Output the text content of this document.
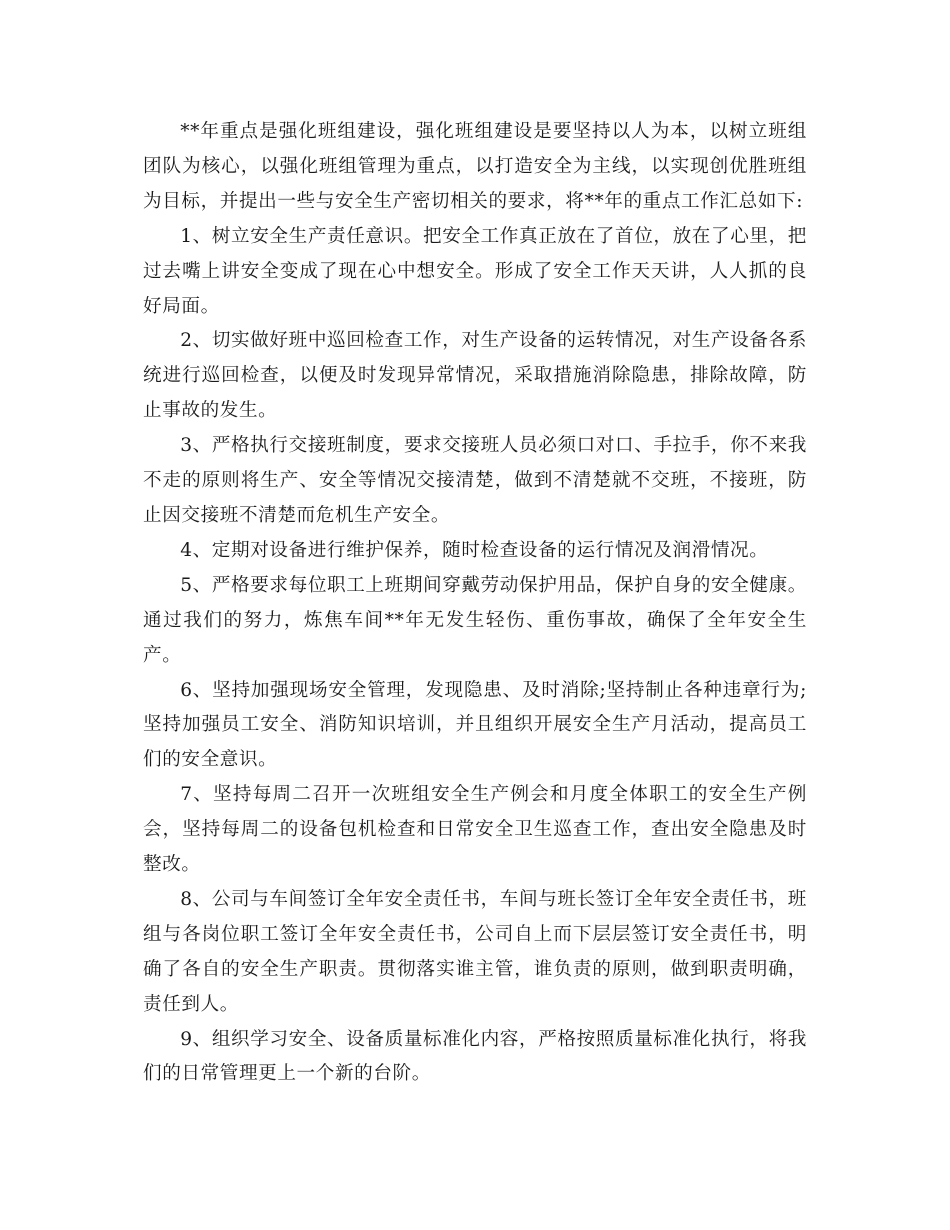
**年重点是强化班组建设，强化班组建设是要坚持以人为本，以树立班组团队为核心，以强化班组管理为重点，以打造安全为主线，以实现创优胜班组为目标，并提出一些与安全生产密切相关的要求，将**年的重点工作汇总如下:

1、树立安全生产责任意识。把安全工作真正放在了首位，放在了心里，把过去嘴上讲安全变成了现在心中想安全。形成了安全工作天天讲，人人抓的良好局面。

2、切实做好班中巡回检查工作，对生产设备的运转情况，对生产设备各系统进行巡回检查，以便及时发现异常情况，采取措施消除隐患，排除故障，防止事故的发生。

3、严格执行交接班制度，要求交接班人员必须口对口、手拉手，你不来我不走的原则将生产、安全等情况交接清楚，做到不清楚就不交班，不接班，防止因交接班不清楚而危机生产安全。

4、定期对设备进行维护保养，随时检查设备的运行情况及润滑情况。

5、严格要求每位职工上班期间穿戴劳动保护用品，保护自身的安全健康。通过我们的努力，炼焦车间**年无发生轻伤、重伤事故，确保了全年安全生产。

6、坚持加强现场安全管理，发现隐患、及时消除;坚持制止各种违章行为;坚持加强员工安全、消防知识培训，并且组织开展安全生产月活动，提高员工们的安全意识。

7、坚持每周二召开一次班组安全生产例会和月度全体职工的安全生产例会，坚持每周二的设备包机检查和日常安全卫生巡查工作，查出安全隐患及时整改。

8、公司与车间签订全年安全责任书，车间与班长签订全年安全责任书，班组与各岗位职工签订全年安全责任书，公司自上而下层层签订安全责任书，明确了各自的安全生产职责。贯彻落实谁主管，谁负责的原则，做到职责明确，责任到人。

9、组织学习安全、设备质量标准化内容，严格按照质量标准化执行，将我们的日常管理更上一个新的台阶。
